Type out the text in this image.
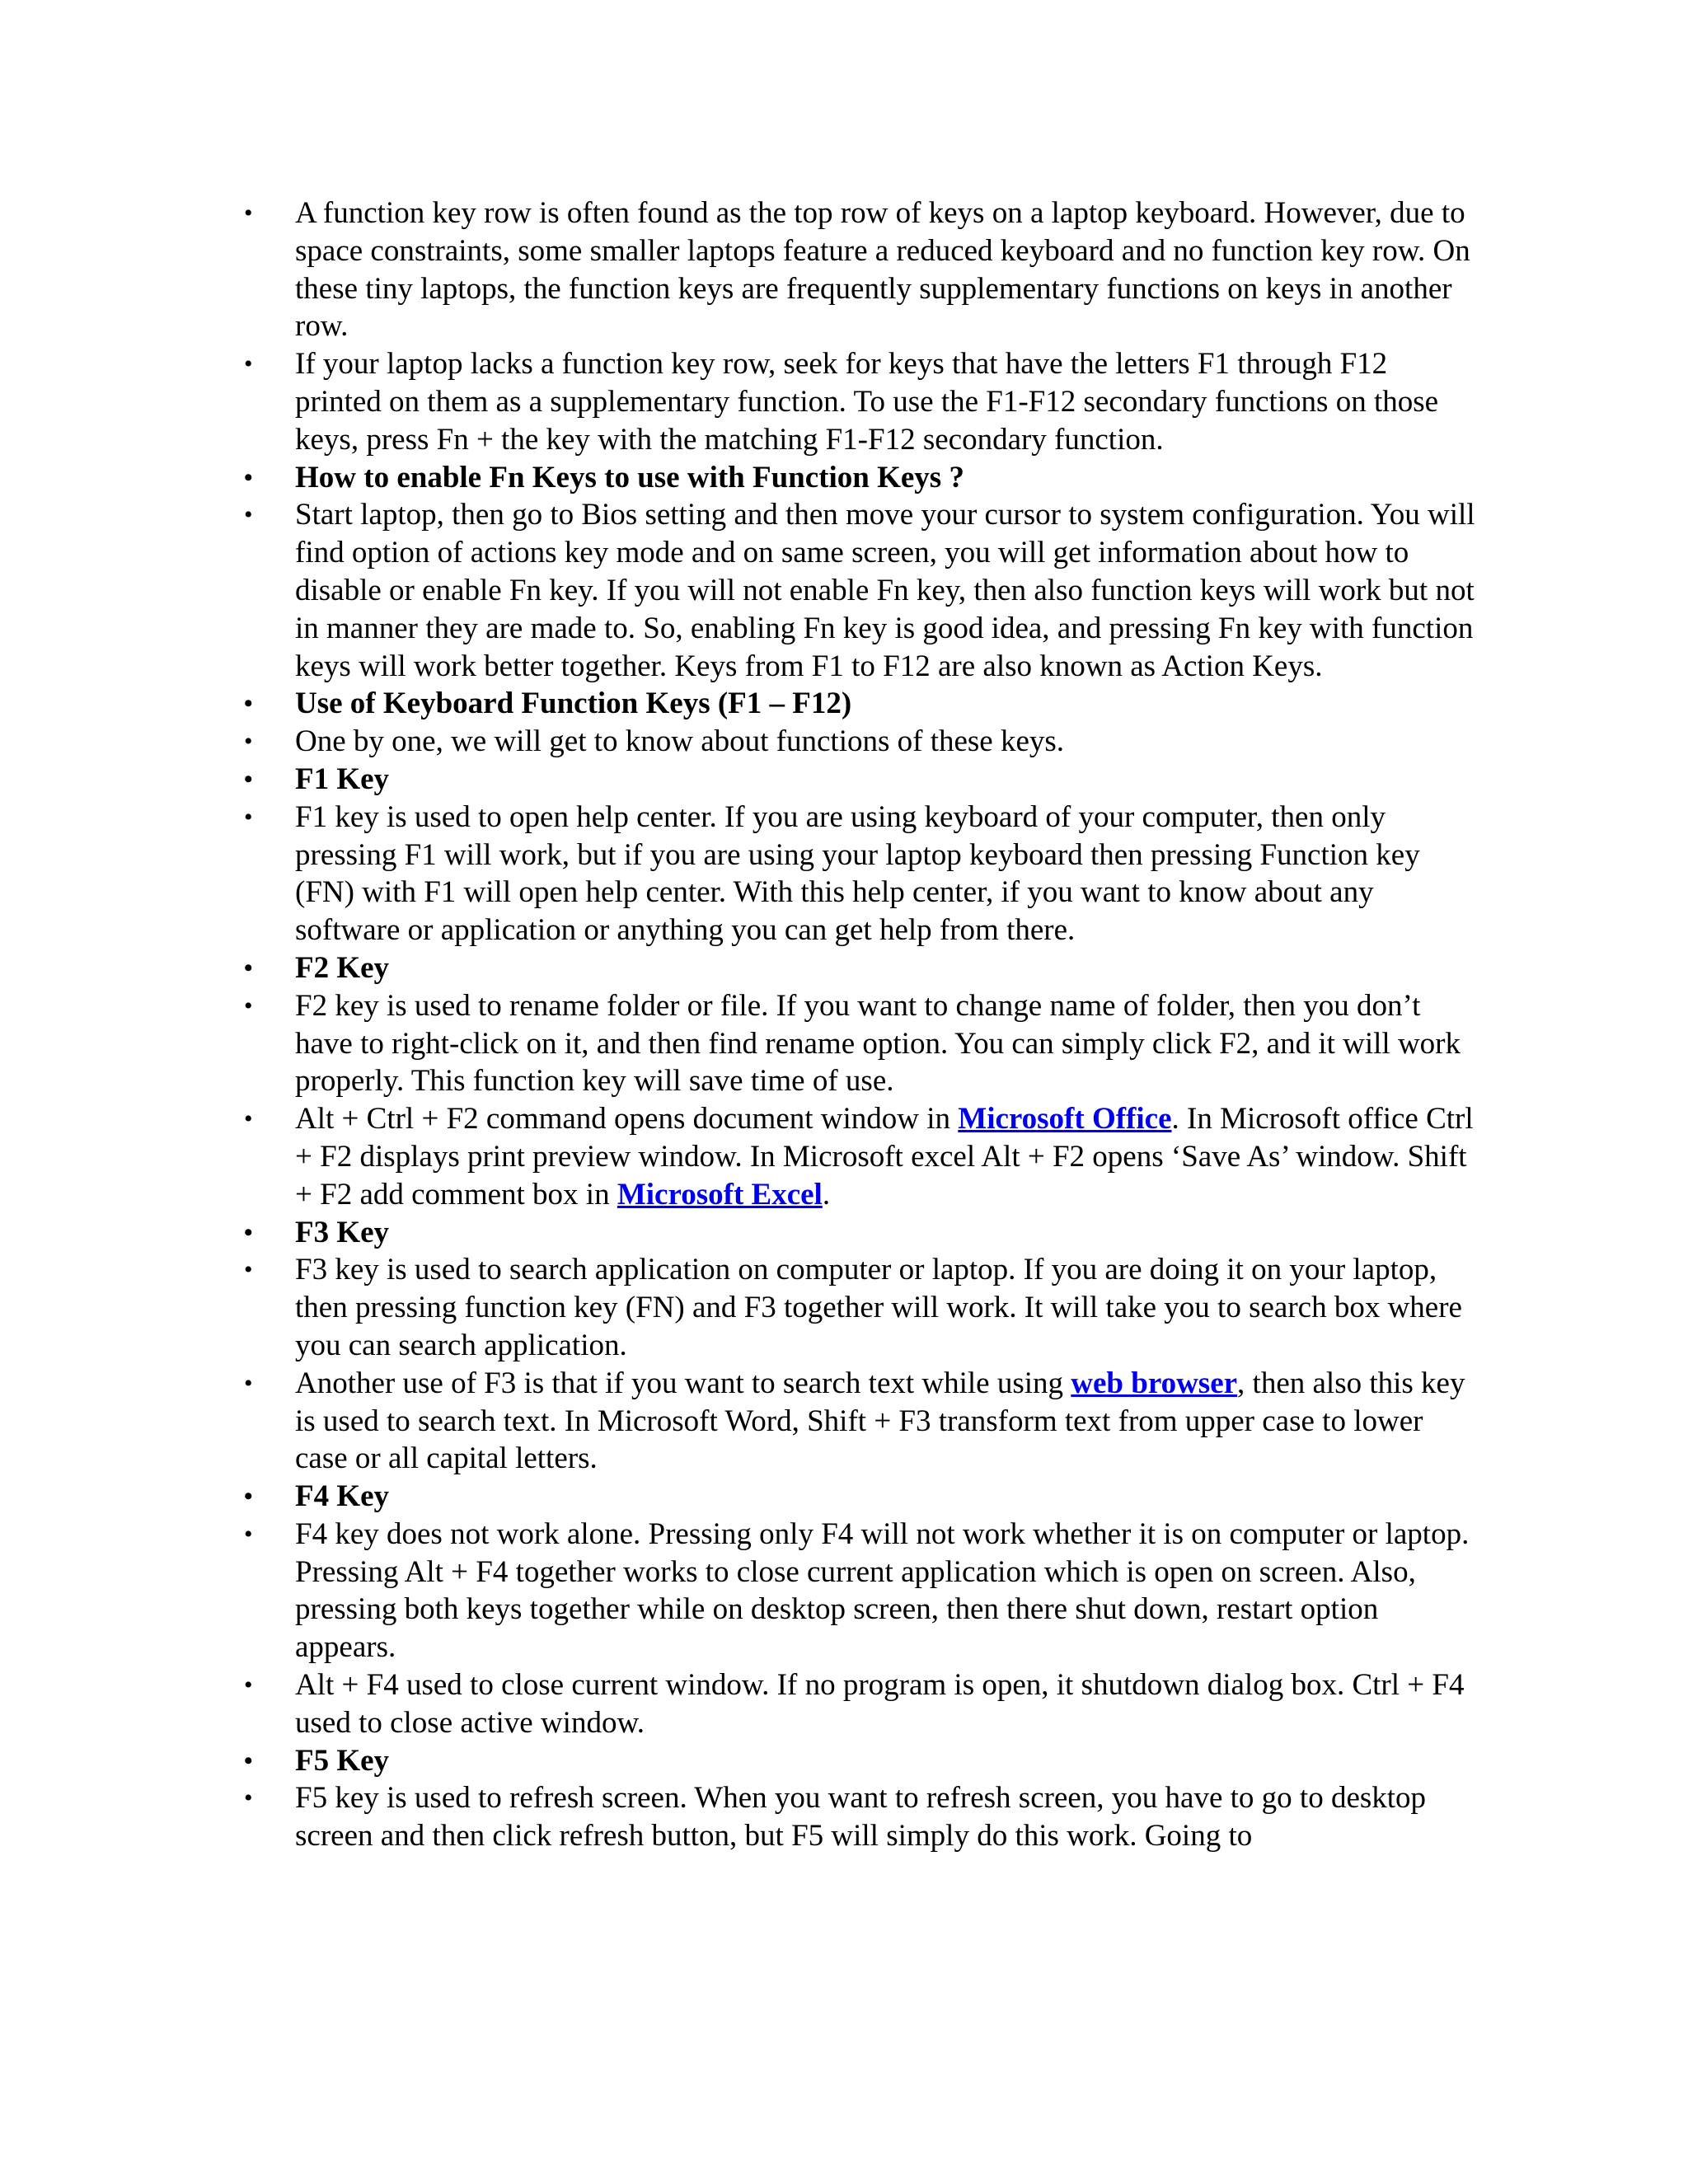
• A function key row is often found as the top row of keys on a laptop keyboard. However, due to space constraints, some smaller laptops feature a reduced keyboard and no function key row. On these tiny laptops, the function keys are frequently supplementary functions on keys in another row.
• If your laptop lacks a function key row, seek for keys that have the letters F1 through F12 printed on them as a supplementary function. To use the F1-F12 secondary functions on those keys, press Fn + the key with the matching F1-F12 secondary function.
• How to enable Fn Keys to use with Function Keys ?
• Start laptop, then go to Bios setting and then move your cursor to system configuration. You will find option of actions key mode and on same screen, you will get information about how to disable or enable Fn key. If you will not enable Fn key, then also function keys will work but not in manner they are made to. So, enabling Fn key is good idea, and pressing Fn key with function keys will work better together. Keys from F1 to F12 are also known as Action Keys.
• Use of Keyboard Function Keys (F1 – F12)
• One by one, we will get to know about functions of these keys.
• F1 Key
• F1 key is used to open help center. If you are using keyboard of your computer, then only pressing F1 will work, but if you are using your laptop keyboard then pressing Function key (FN) with F1 will open help center. With this help center, if you want to know about any software or application or anything you can get help from there.
• F2 Key
• F2 key is used to rename folder or file. If you want to change name of folder, then you don’t have to right-click on it, and then find rename option. You can simply click F2, and it will work properly. This function key will save time of use.
• Alt + Ctrl + F2 command opens document window in Microsoft Office. In Microsoft office Ctrl + F2 displays print preview window. In Microsoft excel Alt + F2 opens ‘Save As’ window. Shift + F2 add comment box in Microsoft Excel.
• F3 Key
• F3 key is used to search application on computer or laptop. If you are doing it on your laptop, then pressing function key (FN) and F3 together will work. It will take you to search box where you can search application.
• Another use of F3 is that if you want to search text while using web browser, then also this key is used to search text. In Microsoft Word, Shift + F3 transform text from upper case to lower case or all capital letters.
• F4 Key
• F4 key does not work alone. Pressing only F4 will not work whether it is on computer or laptop. Pressing Alt + F4 together works to close current application which is open on screen. Also, pressing both keys together while on desktop screen, then there shut down, restart option appears.
• Alt + F4 used to close current window. If no program is open, it shutdown dialog box. Ctrl + F4 used to close active window.
• F5 Key
• F5 key is used to refresh screen. When you want to refresh screen, you have to go to desktop screen and then click refresh button, but F5 will simply do this work. Going to
